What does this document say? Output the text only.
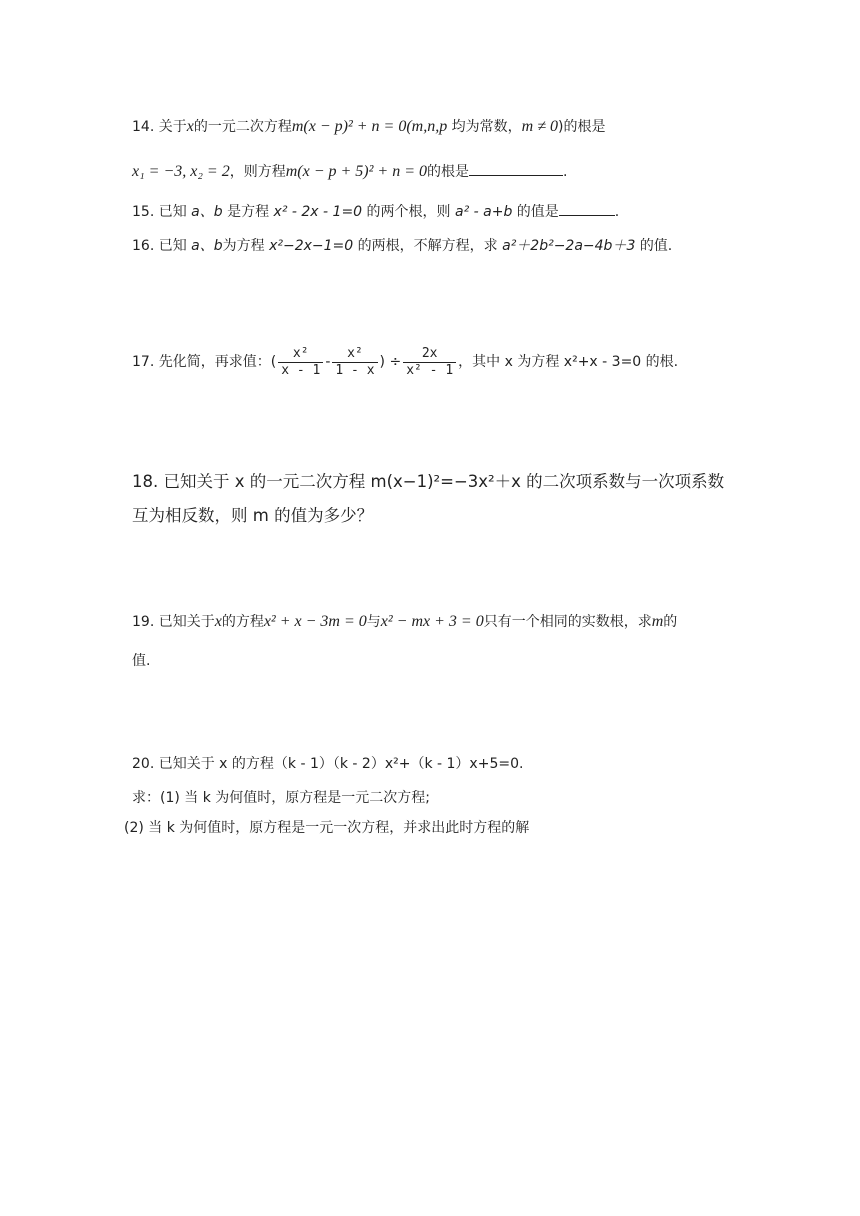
14. 关于x的一元二次方程m(x − p)² + n = 0(m,n,p 均为常数，m ≠ 0)的根是
x₁ = −3, x₂ = 2，则方程m(x − p + 5)² + n = 0的根是	.
15. 已知 a、b 是方程 x² - 2x - 1=0 的两个根，则 a² - a+b 的值是	.
16. 已知 a、b为方程 x²−2x−1=0 的两根，不解方程，求 a²＋2b²−2a−4b＋3 的值.
17. 先化简，再求值：( $\frac{\text{x²}}{x - 1} - \frac{\text{x²}}{1 - x}$ ) ÷ $\frac{2x}{\text{x² - 1}}$ ，其中 x 为方程 x²+x - 3=0 的根.
18. 已知关于 x 的一元二次方程 m(x−1)²=−3x²＋x 的二次项系数与一次项系数
互为相反数，则 m 的值为多少？
19. 已知关于x的方程x² + x − 3m = 0与x² − mx + 3 = 0只有一个相同的实数根，求m的
值.
20. 已知关于 x 的方程（k - 1）（k - 2）x²+（k - 1）x+5=0.
求：(1) 当 k 为何值时，原方程是一元二次方程;
(2) 当 k 为何值时，原方程是一元一次方程，并求出此时方程的解
